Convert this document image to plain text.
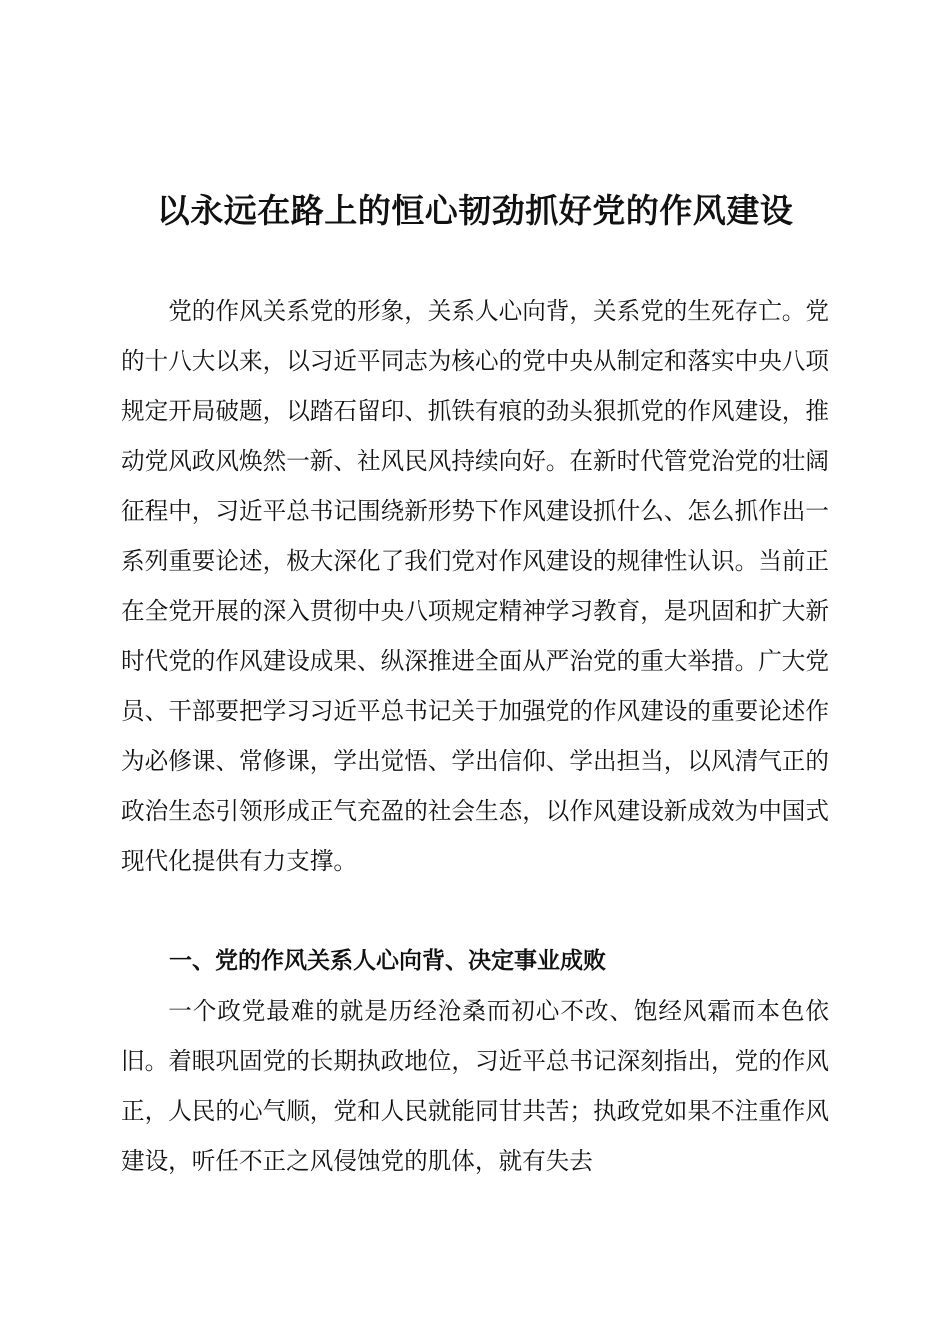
以永远在路上的恒心韧劲抓好党的作风建设

党的作风关系党的形象，关系人心向背，关系党的生死存亡。党的十八大以来，以习近平同志为核心的党中央从制定和落实中央八项规定开局破题，以踏石留印、抓铁有痕的劲头狠抓党的作风建设，推动党风政风焕然一新、社风民风持续向好。在新时代管党治党的壮阔征程中，习近平总书记围绕新形势下作风建设抓什么、怎么抓作出一系列重要论述，极大深化了我们党对作风建设的规律性认识。当前正在全党开展的深入贯彻中央八项规定精神学习教育，是巩固和扩大新时代党的作风建设成果、纵深推进全面从严治党的重大举措。广大党员、干部要把学习习近平总书记关于加强党的作风建设的重要论述作为必修课、常修课，学出觉悟、学出信仰、学出担当，以风清气正的政治生态引领形成正气充盈的社会生态，以作风建设新成效为中国式现代化提供有力支撑。

一、党的作风关系人心向背、决定事业成败

一个政党最难的就是历经沧桑而初心不改、饱经风霜而本色依旧。着眼巩固党的长期执政地位，习近平总书记深刻指出，党的作风正，人民的心气顺，党和人民就能同甘共苦；执政党如果不注重作风建设，听任不正之风侵蚀党的肌体，就有失去
